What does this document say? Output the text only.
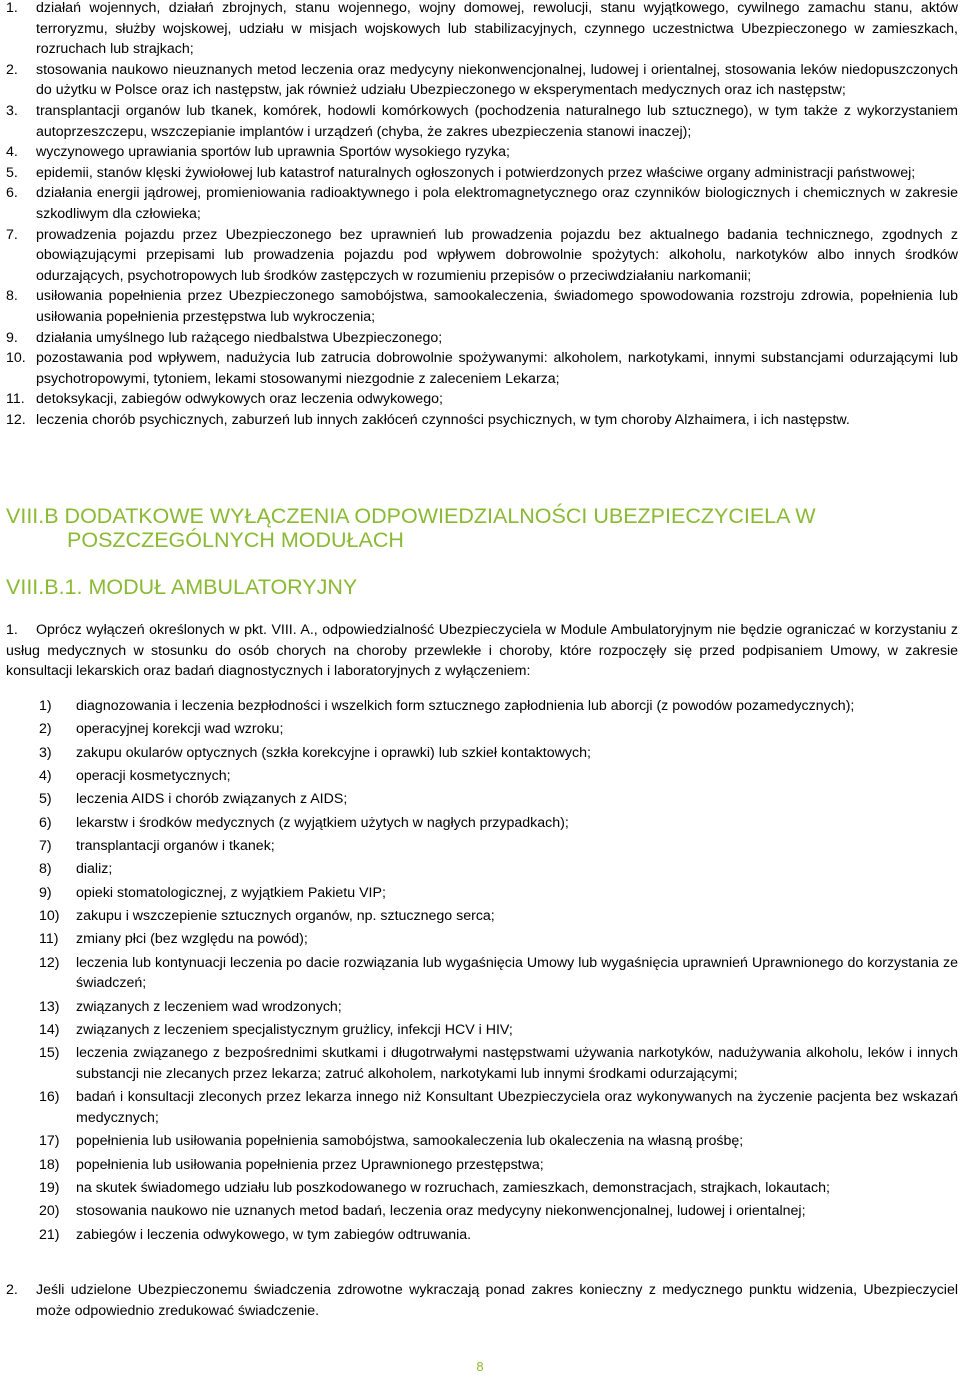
1. działań wojennych, działań zbrojnych, stanu wojennego, wojny domowej, rewolucji, stanu wyjątkowego, cywilnego zamachu stanu, aktów terroryzmu, służby wojskowej, udziału w misjach wojskowych lub stabilizacyjnych, czynnego uczestnictwa Ubezpieczonego w zamieszkach, rozruchach lub strajkach;
2. stosowania naukowo nieuznanych metod leczenia oraz medycyny niekonwencjonalnej, ludowej i orientalnej, stosowania leków niedopuszczonych do użytku w Polsce oraz ich następstw, jak również udziału Ubezpieczonego w eksperymentach medycznych oraz ich następstw;
3. transplantacji organów lub tkanek, komórek, hodowli komórkowych (pochodzenia naturalnego lub sztucznego), w tym także z wykorzystaniem autoprzeszczepu, wszczepianie implantów i urządzeń (chyba, że zakres ubezpieczenia stanowi inaczej);
4. wyczynowego uprawiania sportów lub uprawnia Sportów wysokiego ryzyka;
5. epidemii, stanów klęski żywiołowej lub katastrof naturalnych ogłoszonych i potwierdzonych przez właściwe organy administracji państwowej;
6. działania energii jądrowej, promieniowania radioaktywnego i pola elektromagnetycznego oraz czynników biologicznych i chemicznych w zakresie szkodliwym dla człowieka;
7. prowadzenia pojazdu przez Ubezpieczonego bez uprawnień lub prowadzenia pojazdu bez aktualnego badania technicznego, zgodnych z obowiązującymi przepisami lub prowadzenia pojazdu pod wpływem dobrowolnie spożytych: alkoholu, narkotyków albo innych środków odurzających, psychotropowych lub środków zastępczych w rozumieniu przepisów o przeciwdziałaniu narkomanii;
8. usiłowania popełnienia przez Ubezpieczonego samobójstwa, samookaleczenia, świadomego spowodowania rozstroju zdrowia, popełnienia lub usiłowania popełnienia przestępstwa lub wykroczenia;
9. działania umyślnego lub rażącego niedbalstwa Ubezpieczonego;
10. pozostawania pod wpływem, nadużycia lub zatrucia dobrowolnie spożywanymi: alkoholem, narkotykami, innymi substancjami odurzającymi lub psychotropowymi, tytoniem, lekami stosowanymi niezgodnie z zaleceniem Lekarza;
11. detoksykacji, zabiegów odwykowych oraz leczenia odwykowego;
12. leczenia chorób psychicznych, zaburzeń lub innych zakłóceń czynności psychicznych, w tym choroby Alzhaimera, i ich następstw.
VIII.B DODATKOWE WYŁĄCZENIA ODPOWIEDZIALNOŚCI UBEZPIECZYCIELA W
POSZCZEGÓLNYCH MODUŁACH
VIII.B.1. MODUŁ AMBULATORYJNY
1.	Oprócz wyłączeń określonych w pkt. VIII. A., odpowiedzialność Ubezpieczyciela w Module Ambulatoryjnym nie będzie ograniczać w korzystaniu z usług medycznych w stosunku do osób chorych na choroby przewlekłe i choroby, które rozpoczęły się przed podpisaniem Umowy, w zakresie konsultacji lekarskich oraz badań diagnostycznych i laboratoryjnych z wyłączeniem:
1) diagnozowania i leczenia bezpłodności i wszelkich form sztucznego zapłodnienia lub aborcji (z powodów pozamedycznych);
2) operacyjnej korekcji wad wzroku;
3) zakupu okularów optycznych (szkła korekcyjne i oprawki) lub szkieł kontaktowych;
4) operacji kosmetycznych;
5) leczenia AIDS i chorób związanych z AIDS;
6) lekarstw i środków medycznych (z wyjątkiem użytych w nagłych przypadkach);
7) transplantacji organów i tkanek;
8) dializ;
9) opieki stomatologicznej, z wyjątkiem Pakietu VIP;
10) zakupu i wszczepienie sztucznych organów, np. sztucznego serca;
11) zmiany płci (bez względu na powód);
12) leczenia lub kontynuacji leczenia po dacie rozwiązania lub wygaśnięcia Umowy lub wygaśnięcia uprawnień Uprawnionego do korzystania ze świadczeń;
13) związanych z leczeniem wad wrodzonych;
14) związanych z leczeniem specjalistycznym grużlicy, infekcji HCV i HIV;
15) leczenia związanego z bezpośrednimi skutkami i długotrwałymi następstwami używania narkotyków, nadużywania alkoholu, leków i innych substancji nie zlecanych przez lekarza; zatruć alkoholem, narkotykami lub innymi środkami odurzającymi;
16) badań i konsultacji zleconych przez lekarza innego niż Konsultant Ubezpieczyciela oraz wykonywanych na życzenie pacjenta bez wskazań medycznych;
17) popełnienia lub usiłowania popełnienia samobójstwa, samookaleczenia lub okaleczenia na własną prośbę;
18) popełnienia lub usiłowania popełnienia przez Uprawnionego przestępstwa;
19) na skutek świadomego udziału lub poszkodowanego w rozruchach, zamieszkach, demonstracjach, strajkach, lokautach;
20) stosowania naukowo nie uznanych metod badań, leczenia oraz medycyny niekonwencjonalnej, ludowej i orientalnej;
21) zabiegów i leczenia odwykowego, w tym zabiegów odtruwania.
2. Jeśli udzielone Ubezpieczonemu świadczenia zdrowotne wykraczają ponad zakres konieczny z medycznego punktu widzenia, Ubezpieczyciel może odpowiednio zredukować świadczenie.
8
